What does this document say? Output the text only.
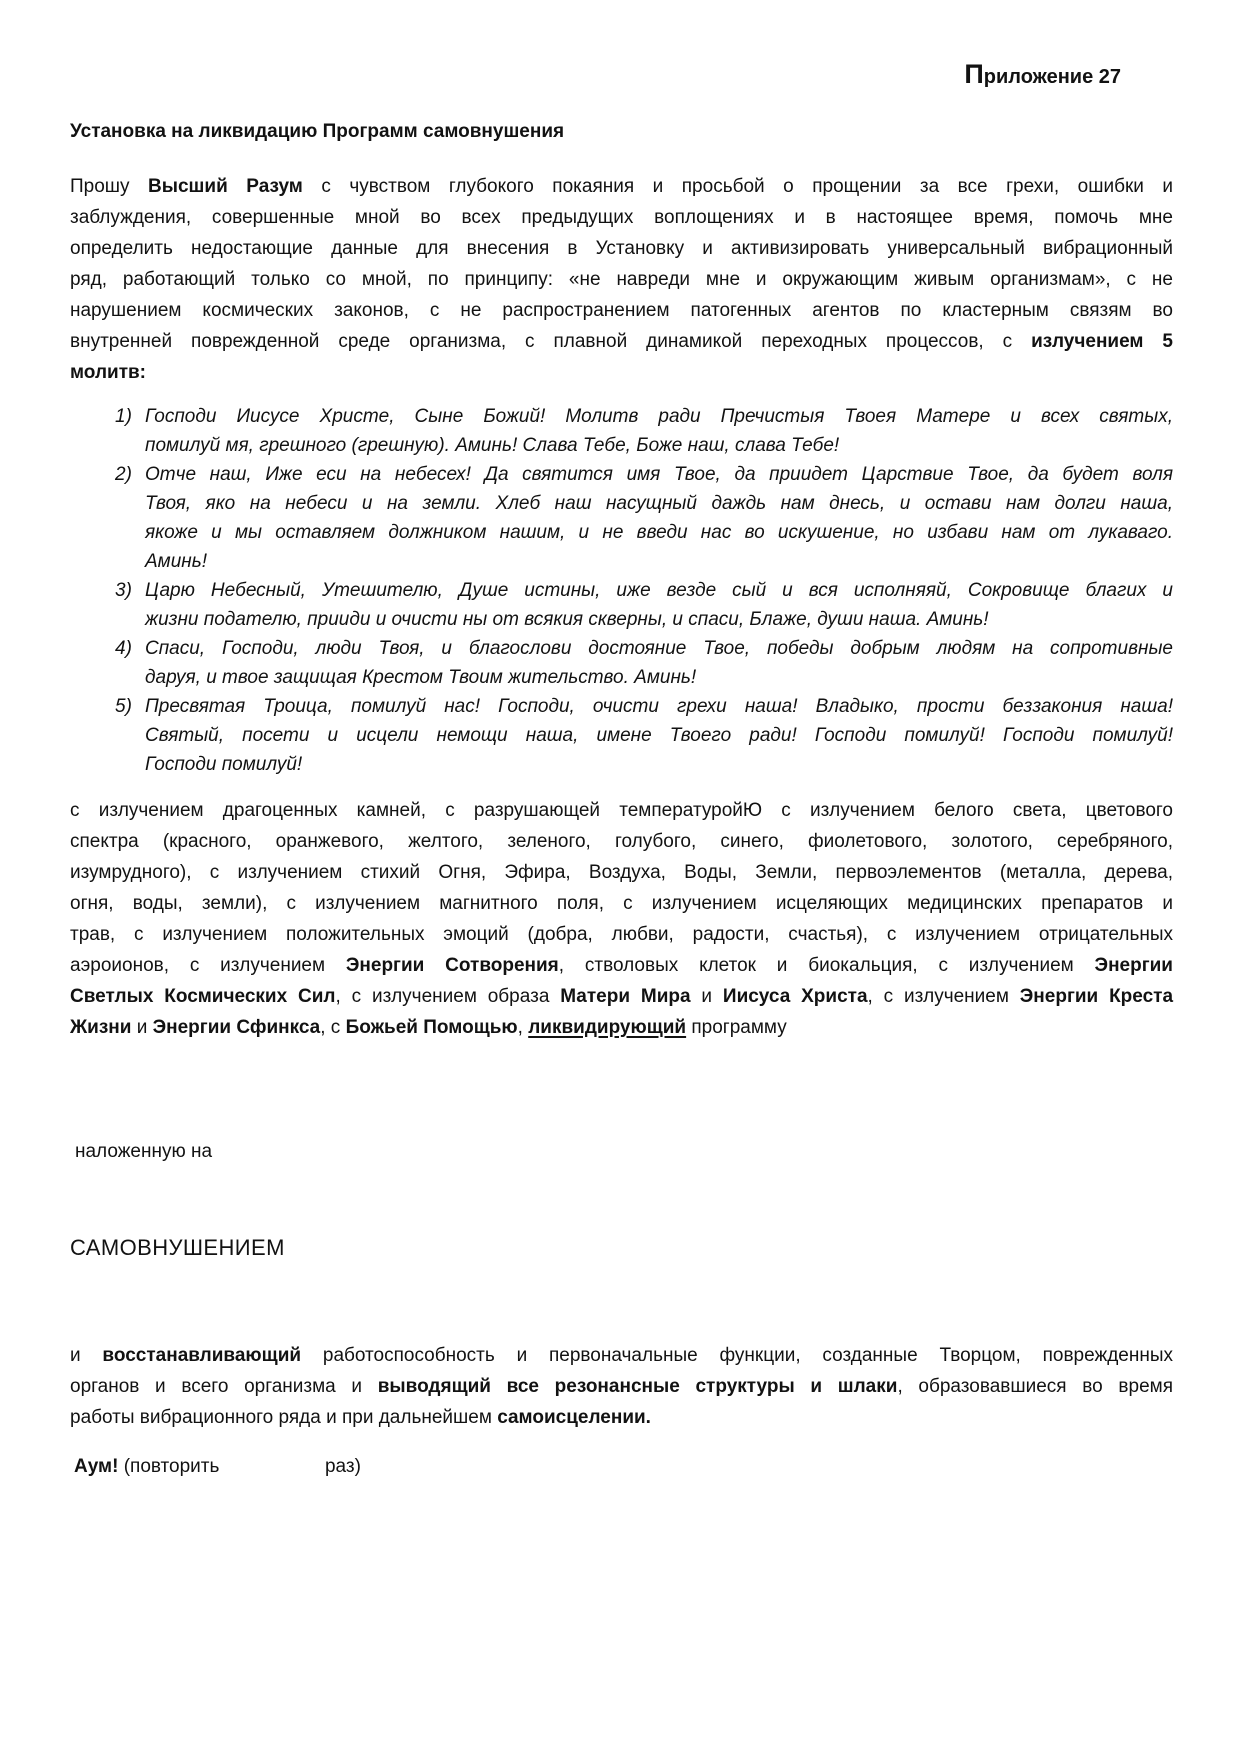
Приложение 27
Установка на ликвидацию Программ самовнушения
Прошу Высший Разум с чувством глубокого покаяния и просьбой о прощении за все грехи, ошибки и
заблуждения, совершенные мной во всех предыдущих воплощениях и в настоящее время, помочь мне
определить недостающие данные для внесения в Установку и активизировать универсальный вибрационный
ряд, работающий только со мной, по принципу: «не навреди мне и окружающим живым организмам», с не
нарушением космических законов, с не распространением патогенных агентов по кластерным связям во
внутренней поврежденной среде организма, с плавной динамикой переходных процессов, с излучением 5
молитв:
1) Господи Иисусе Христе, Сыне Божий! Молитв ради Пречистыя Твоея Матере и всех святых,
помилуй мя, грешного (грешную). Аминь! Слава Тебе, Боже наш, слава Тебе!
2) Отче наш, Иже еси на небесех! Да святится имя Твое, да приидет Царствие Твое, да будет воля
Твоя, яко на небеси и на земли. Хлеб наш насущный даждь нам днесь, и остави нам долги наша,
якоже и мы оставляем должником нашим, и не введи нас во искушение, но избави нам от лукаваго.
Аминь!
3) Царю Небесный, Утешителю, Душе истины, иже везде сый и вся исполняяй, Сокровище благих и
жизни подателю, прииди и очисти ны от всякия скверны, и спаси, Блаже, души наша. Аминь!
4) Спаси, Господи, люди Твоя, и благослови достояние Твое, победы добрым людям на сопротивные
даруя, и твое защищая Крестом Твоим жительство. Аминь!
5) Пресвятая Троица, помилуй нас! Господи, очисти грехи наша! Владыко, прости беззакония наша!
Святый, посети и исцели немощи наша, имене Твоего ради! Господи помилуй! Господи помилуй!
Господи помилуй!
с излучением драгоценных камней, с разрушающей температуройЮ с излучением белого света, цветового
спектра (красного, оранжевого, желтого, зеленого, голубого, синего, фиолетового, золотого, серебряного,
изумрудного), с излучением стихий Огня, Эфира, Воздуха, Воды, Земли, первоэлементов (металла, дерева,
огня, воды, земли), с излучением магнитного поля, с излучением исцеляющих медицинских препаратов и
трав, с излучением положительных эмоций (добра, любви, радости, счастья), с излучением отрицательных
аэроионов, с излучением Энергии Сотворения, стволовых клеток и биокальция, с излучением Энергии
Светлых Космических Сил, с излучением образа Матери Мира и Иисуса Христа, с излучением Энергии Креста
Жизни и Энергии Сфинкса, с Божьей Помощью, ликвидирующий программу
наложенную на
САМОВНУШЕНИЕМ
и восстанавливающий работоспособность и первоначальные функции, созданные Творцом, поврежденных
органов и всего организма и выводящий все резонансные структуры и шлаки, образовавшиеся во время
работы вибрационного ряда и при дальнейшем самоисцелении.
Аум! (повторить	раз)
